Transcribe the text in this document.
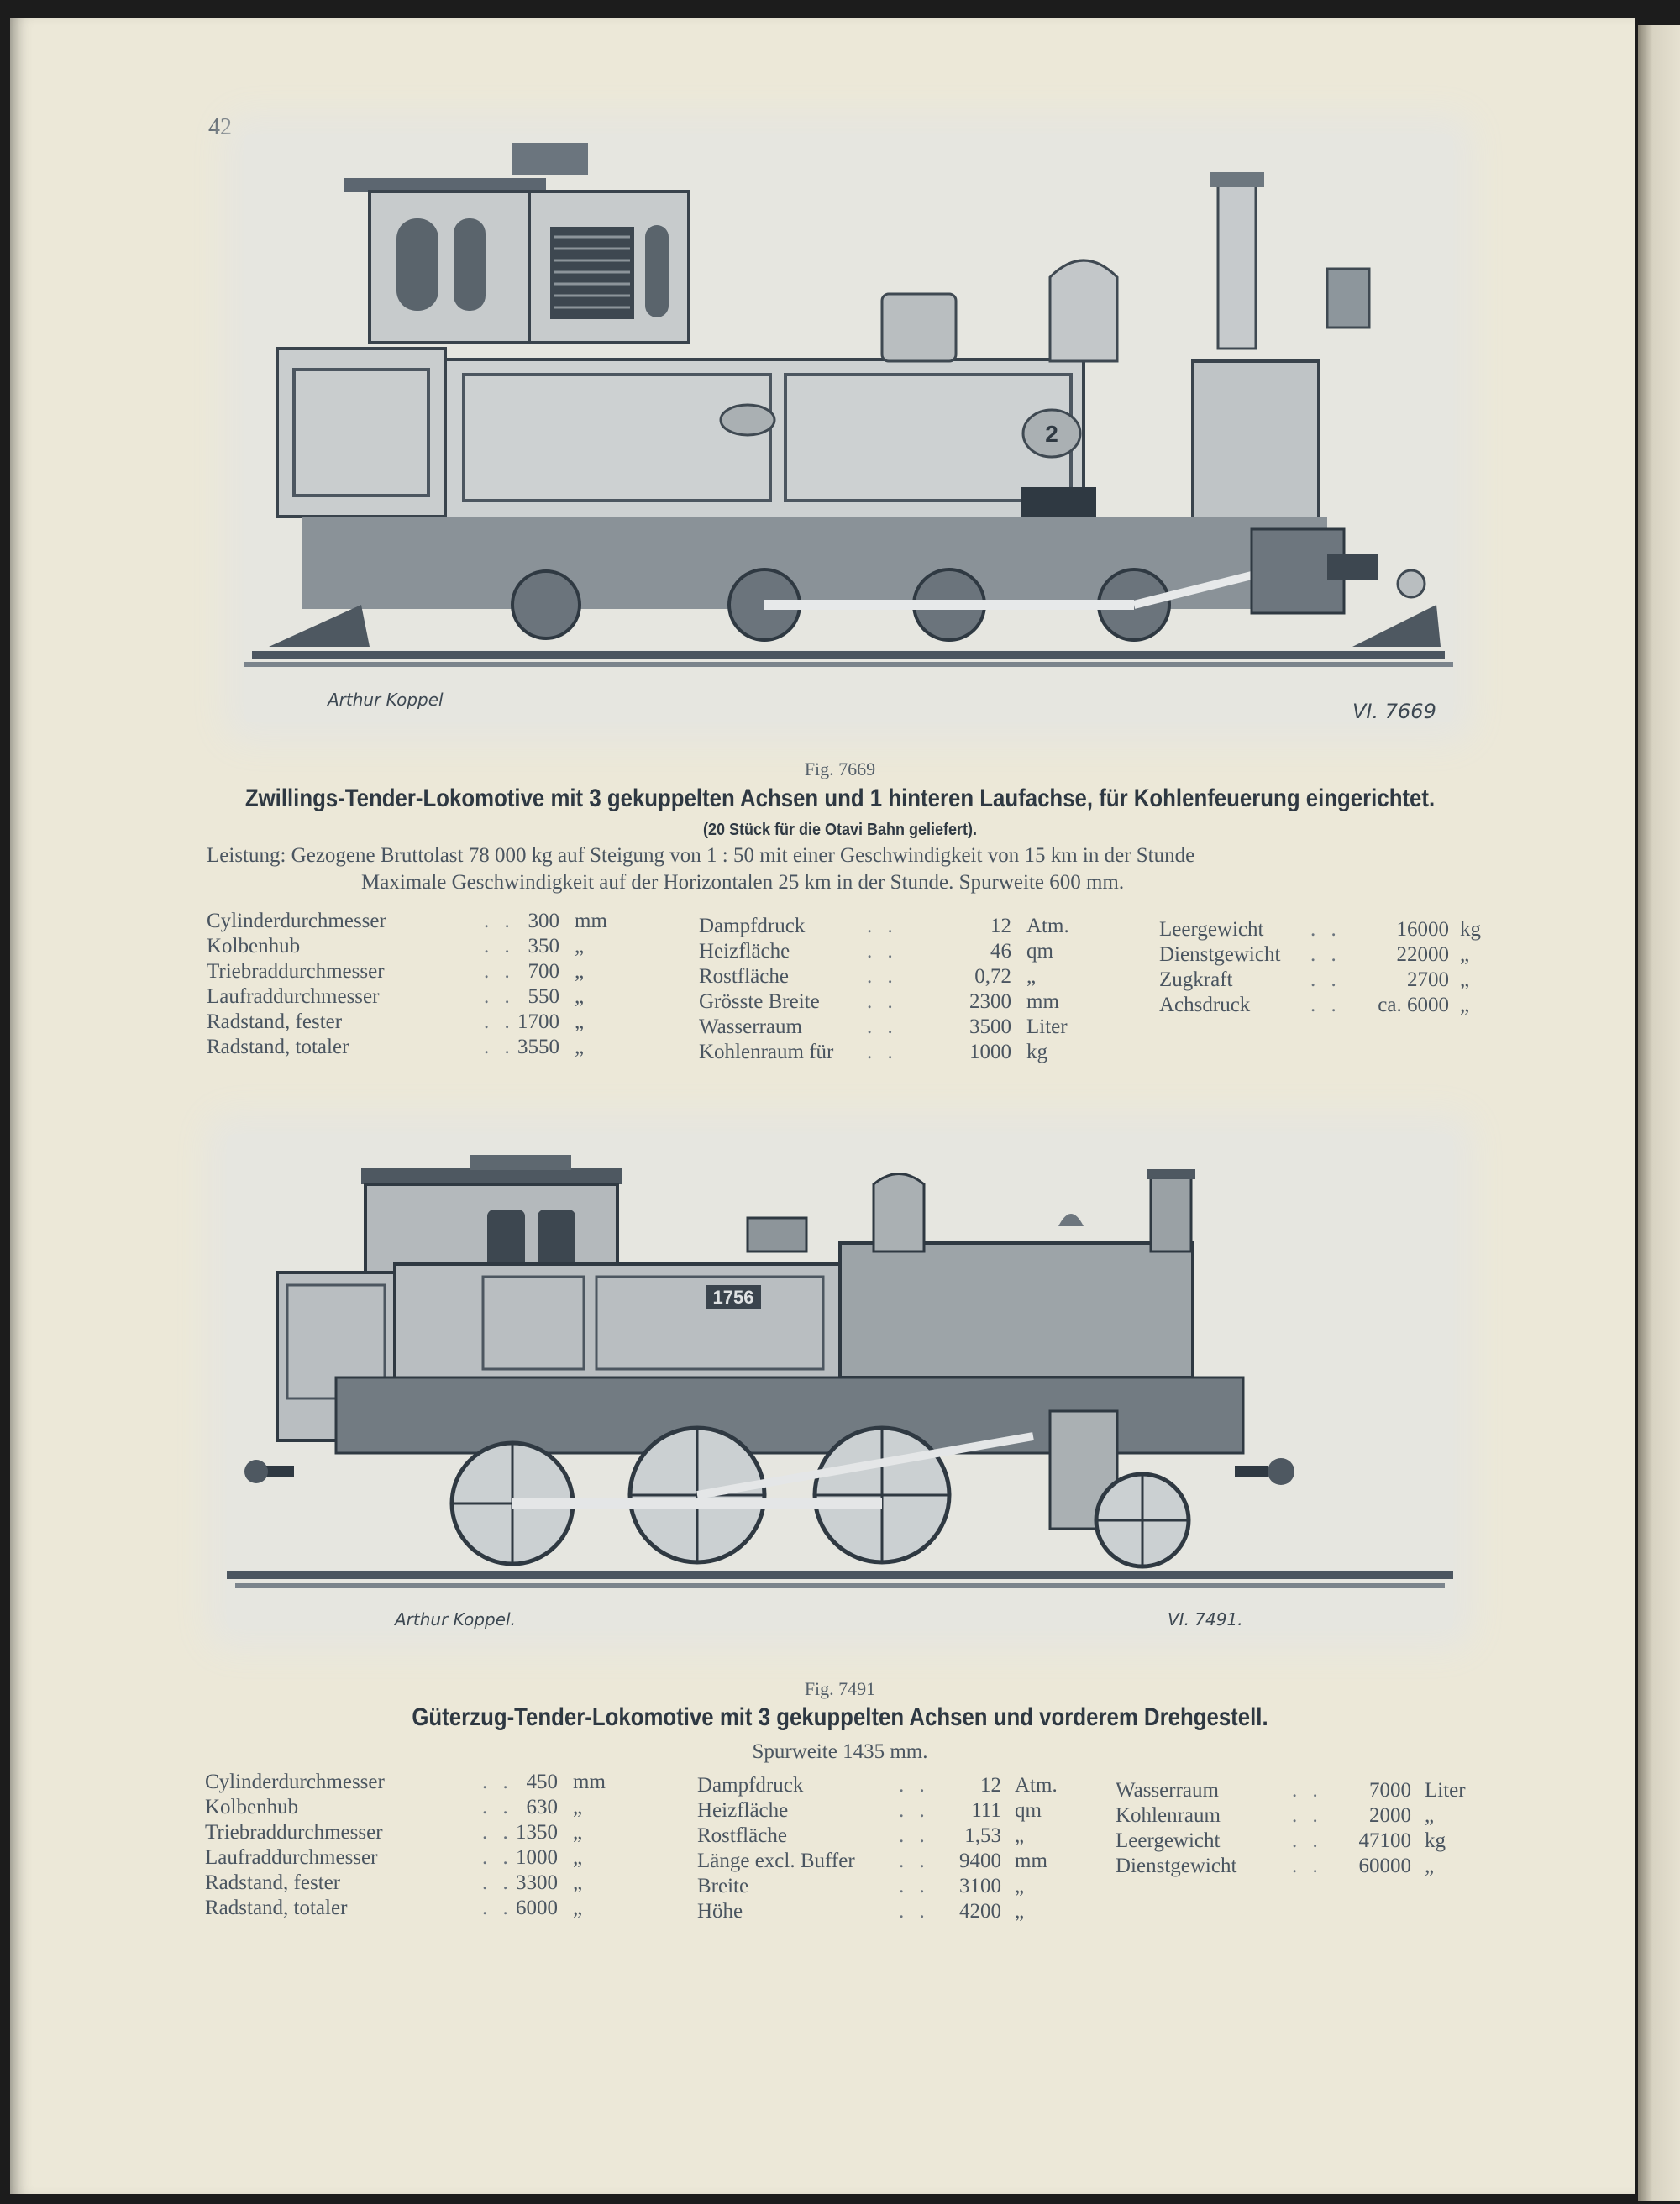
42
2
Arthur Koppel	VI. 7669
Fig. 7669
Zwillings-Tender-Lokomotive mit 3 gekuppelten Achsen und 1 hinteren Laufachse, für Kohlenfeuerung eingerichtet.
(20 Stück für die Otavi Bahn geliefert).
Leistung: Gezogene Bruttolast 78 000 kg auf Steigung von 1 : 50 mit einer Geschwindigkeit von 15 km in der Stunde
Maximale Geschwindigkeit auf der Horizontalen 25 km in der Stunde. Spurweite 600 mm.
Cylinderdurchmesser	. . 300 mm
Kolbenhub	. . 350 „
Triebraddurchmesser	. . 700 „
Laufraddurchmesser	. . 550 „
Radstand, fester	. . 1700 „
Radstand, totaler	. . 3550 „
Dampfdruck	. .	12 Atm.
Heizfläche	. .	46 qm
Rostfläche	. .	0,72 „
Grösste Breite . .	2300 mm
Wasserraum	. .	3500 Liter
Kohlenraum für . .	1000 kg
Leergewicht . .	16000 kg
Dienstgewicht . .	22000 „
Zugkraft	. .	2700 „
Achsdruck	. .	ca. 6000 „
1756
Arthur Koppel.	VI. 7491.
Fig. 7491
Güterzug-Tender-Lokomotive mit 3 gekuppelten Achsen und vorderem Drehgestell.
Spurweite 1435 mm.
Cylinderdurchmesser	. . 450 mm
Kolbenhub	. . 630 „
Triebraddurchmesser	. . 1350 „
Laufraddurchmesser	. . 1000 „
Radstand, fester	. . 3300 „
Radstand, totaler	. . 6000 „
Dampfdruck	. .	12 Atm.
Heizfläche	. .	111 qm
Rostfläche	. .	1,53 „
Länge excl. Buffer . .	9400 mm
Breite	. .	3100 „
Höhe	. .	4200 „
Wasserraum	. .	7000 Liter
Kohlenraum	. .	2000 „
Leergewicht	. .	47100 kg
Dienstgewicht	. .	60000 „
